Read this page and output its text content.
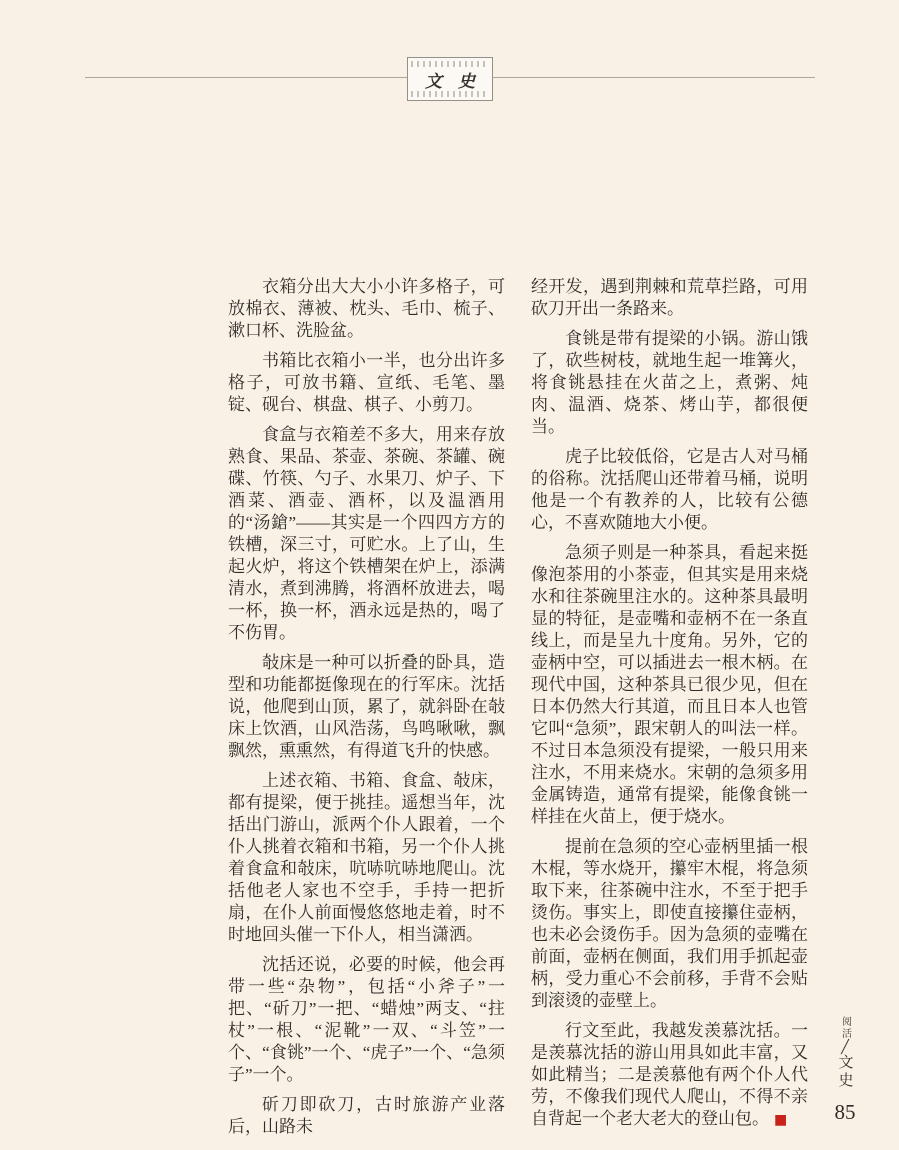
文史

衣箱分出大大小小许多格子，可放棉衣、薄被、枕头、毛巾、梳子、漱口杯、洗脸盆。

书箱比衣箱小一半，也分出许多格子，可放书籍、宣纸、毛笔、墨锭、砚台、棋盘、棋子、小剪刀。

食盒与衣箱差不多大，用来存放熟食、果品、茶壶、茶碗、茶罐、碗碟、竹筷、勺子、水果刀、炉子、下酒菜、酒壶、酒杯，以及温酒用的“汤鎗”——其实是一个四四方方的铁槽，深三寸，可贮水。上了山，生起火炉，将这个铁槽架在炉上，添满清水，煮到沸腾，将酒杯放进去，喝一杯，换一杯，酒永远是热的，喝了不伤胃。

敧床是一种可以折叠的卧具，造型和功能都挺像现在的行军床。沈括说，他爬到山顶，累了，就斜卧在敧床上饮酒，山风浩荡，鸟鸣啾啾，飘飘然，熏熏然，有得道飞升的快感。

上述衣箱、书箱、食盒、敧床，都有提梁，便于挑挂。遥想当年，沈括出门游山，派两个仆人跟着，一个仆人挑着衣箱和书箱，另一个仆人挑着食盒和敧床，吭哧吭哧地爬山。沈括他老人家也不空手，手持一把折扇，在仆人前面慢悠悠地走着，时不时地回头催一下仆人，相当潇洒。

沈括还说，必要的时候，他会再带一些“杂物”，包括“小斧子”一把、“斫刀”一把、“蜡烛”两支、“拄杖”一根、“泥靴”一双、“斗笠”一个、“食铫”一个、“虎子”一个、“急须子”一个。

斫刀即砍刀，古时旅游产业落后，山路未

经开发，遇到荆棘和荒草拦路，可用砍刀开出一条路来。

食铫是带有提梁的小锅。游山饿了，砍些树枝，就地生起一堆篝火，将食铫悬挂在火苗之上，煮粥、炖肉、温酒、烧茶、烤山芋，都很便当。

虎子比较低俗，它是古人对马桶的俗称。沈括爬山还带着马桶，说明他是一个有教养的人，比较有公德心，不喜欢随地大小便。

急须子则是一种茶具，看起来挺像泡茶用的小茶壶，但其实是用来烧水和往茶碗里注水的。这种茶具最明显的特征，是壶嘴和壶柄不在一条直线上，而是呈九十度角。另外，它的壶柄中空，可以插进去一根木柄。在现代中国，这种茶具已很少见，但在日本仍然大行其道，而且日本人也管它叫“急须”，跟宋朝人的叫法一样。不过日本急须没有提梁，一般只用来注水，不用来烧水。宋朝的急须多用金属铸造，通常有提梁，能像食铫一样挂在火苗上，便于烧水。

提前在急须的空心壶柄里插一根木棍，等水烧开，攥牢木棍，将急须取下来，往茶碗中注水，不至于把手烫伤。事实上，即使直接攥住壶柄，也未必会烫伤手。因为急须的壶嘴在前面，壶柄在侧面，我们用手抓起壶柄，受力重心不会前移，手背不会贴到滚烫的壶壁上。

行文至此，我越发羡慕沈括。一是羡慕沈括的游山用具如此丰富，又如此精当；二是羡慕他有两个仆人代劳，不像我们现代人爬山，不得不亲自背起一个老大老大的登山包。 ■

阅活
╱
文史
85
